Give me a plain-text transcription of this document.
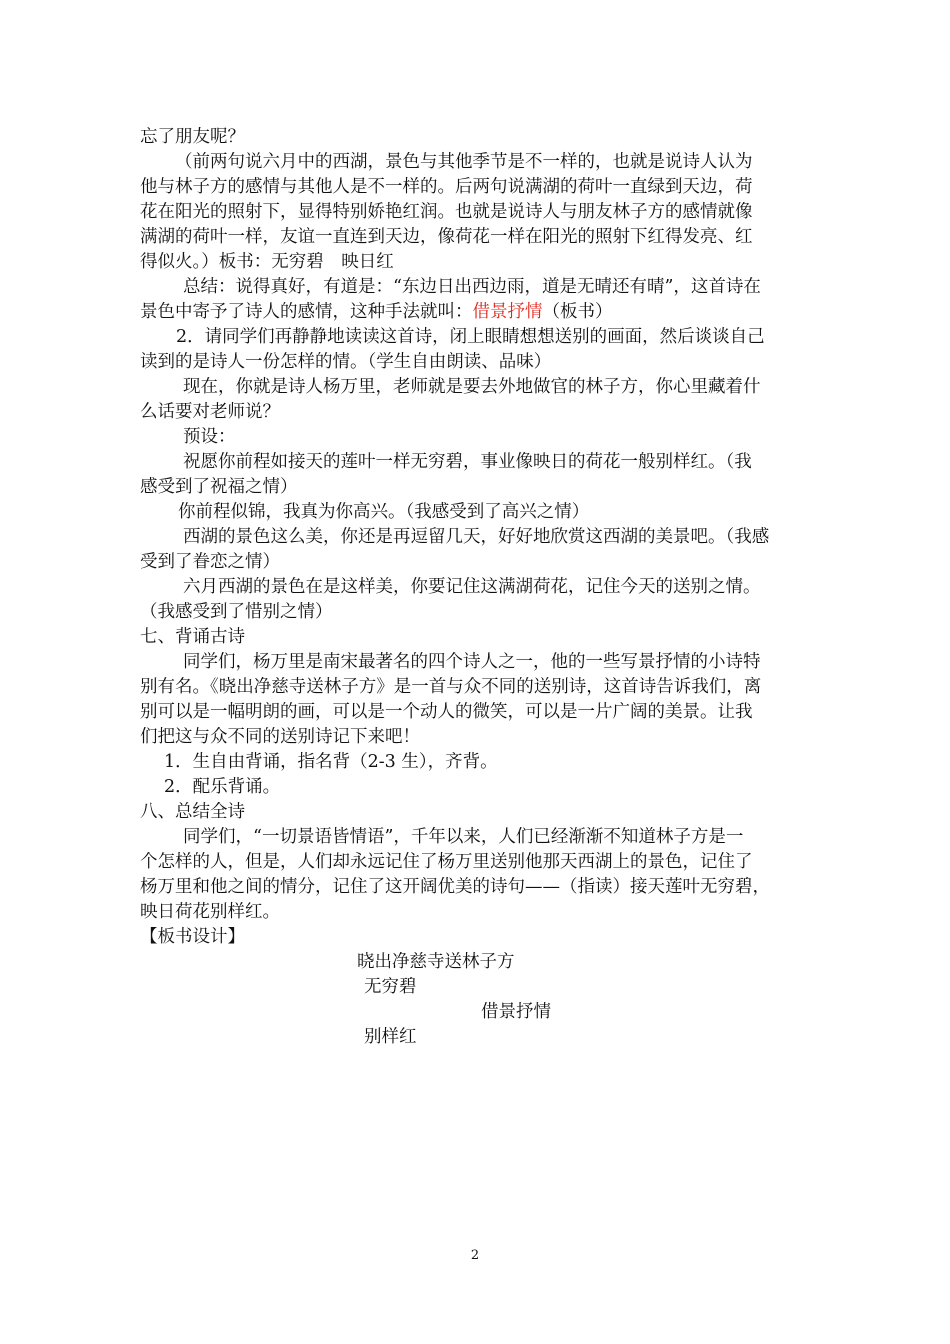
忘了朋友呢？
（前两句说六月中的西湖，景色与其他季节是不一样的，也就是说诗人认为
他与林子方的感情与其他人是不一样的。后两句说满湖的荷叶一直绿到天边，荷
花在阳光的照射下，显得特别娇艳红润。也就是说诗人与朋友林子方的感情就像
满湖的荷叶一样，友谊一直连到天边，像荷花一样在阳光的照射下红得发亮、红
得似火。）板书：无穷碧　映日红
总结：说得真好，有道是：“东边日出西边雨，道是无晴还有晴”，这首诗在
景色中寄予了诗人的感情，这种手法就叫：借景抒情（板书）
2．请同学们再静静地读读这首诗，闭上眼睛想想送别的画面，然后谈谈自己
读到的是诗人一份怎样的情。（学生自由朗读、品味）
现在，你就是诗人杨万里，老师就是要去外地做官的林子方，你心里藏着什
么话要对老师说？
预设：
祝愿你前程如接天的莲叶一样无穷碧，事业像映日的荷花一般别样红。（我
感受到了祝福之情）
你前程似锦，我真为你高兴。（我感受到了高兴之情）
西湖的景色这么美，你还是再逗留几天，好好地欣赏这西湖的美景吧。（我感
受到了眷恋之情）
六月西湖的景色在是这样美，你要记住这满湖荷花，记住今天的送别之情。
（我感受到了惜别之情）
七、背诵古诗
同学们，杨万里是南宋最著名的四个诗人之一，他的一些写景抒情的小诗特
别有名。《晓出净慈寺送林子方》是一首与众不同的送别诗，这首诗告诉我们，离
别可以是一幅明朗的画，可以是一个动人的微笑，可以是一片广阔的美景。让我
们把这与众不同的送别诗记下来吧！
1．生自由背诵，指名背（2-3 生），齐背。
2．配乐背诵。
八、总结全诗
同学们，“一切景语皆情语”，千年以来，人们已经渐渐不知道林子方是一
个怎样的人，但是，人们却永远记住了杨万里送别他那天西湖上的景色，记住了
杨万里和他之间的情分，记住了这开阔优美的诗句——（指读）接天莲叶无穷碧，
映日荷花别样红。
【板书设计】
晓出净慈寺送林子方
无穷碧
借景抒情
别样红
2
